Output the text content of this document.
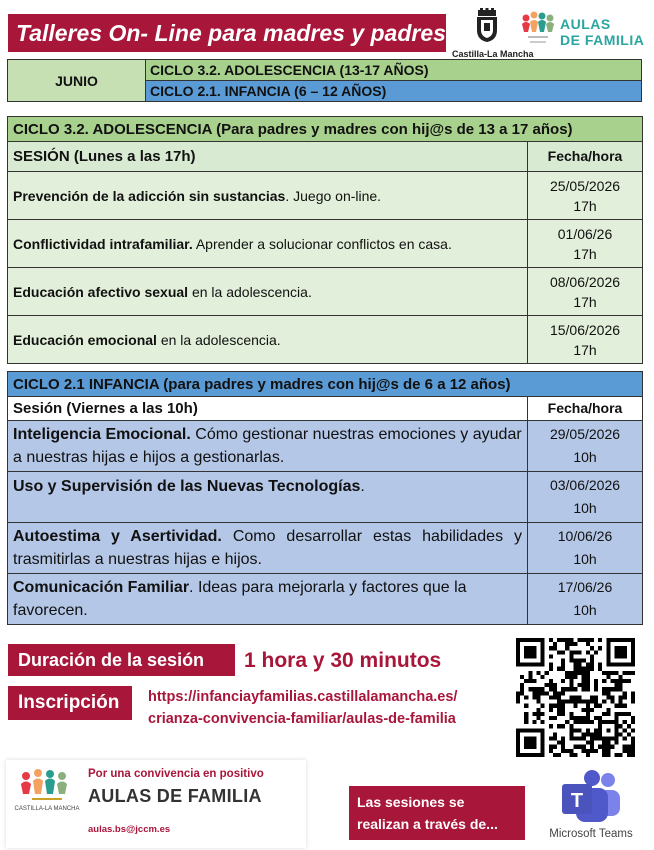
Talleres On- Line para madres y padres
Castilla-La Mancha
AULAS
DE FAMILIA
JUNIO	CICLO 3.2. ADOLESCENCIA (13-17 AÑOS)
CICLO 2.1. INFANCIA (6 – 12 AÑOS)
CICLO 3.2. ADOLESCENCIA (Para padres y madres con hij@s de 13 a 17 años)	
SESIÓN (Lunes a las 17h)	Fecha/hora
Prevención de la adicción sin sustancias. Juego on-line.	25/05/2026
17h

Conflictividad intrafamiliar. Aprender a solucionar conflictos en casa.	01/06/26
17h

Educación afectivo sexual en la adolescencia.	08/06/2026
17h

Educación emocional en la adolescencia.	15/06/2026
17h
CICLO 2.1 INFANCIA (para padres y madres con hij@s de 6 a 12 años)	
Sesión (Viernes a las 10h)	Fecha/hora
Inteligencia Emocional. Cómo gestionar nuestras emociones y ayudar a nuestras hijas e hijos a gestionarlas.	29/05/2026
10h

Uso y Supervisión de las Nuevas Tecnologías.	03/06/2026
10h

Autoestima y Asertividad. Como desarrollar estas habilidades y trasmitirlas a nuestras hijas e hijos.	10/06/26
10h

Comunicación Familiar. Ideas para mejorarla y factores que la favorecen.	17/06/26
10h
Duración de la sesión	1 hora y 30 minutos
Inscripción	https://infanciayfamilias.castillalamancha.es/
crianza-convivencia-familiar/aulas-de-familia
CASTILLA-LA MANCHA
Por una convivencia en positivo
AULAS DE FAMILIA
aulas.bs@jccm.es
Las sesiones se realizan a través de...
T
Microsoft Teams
